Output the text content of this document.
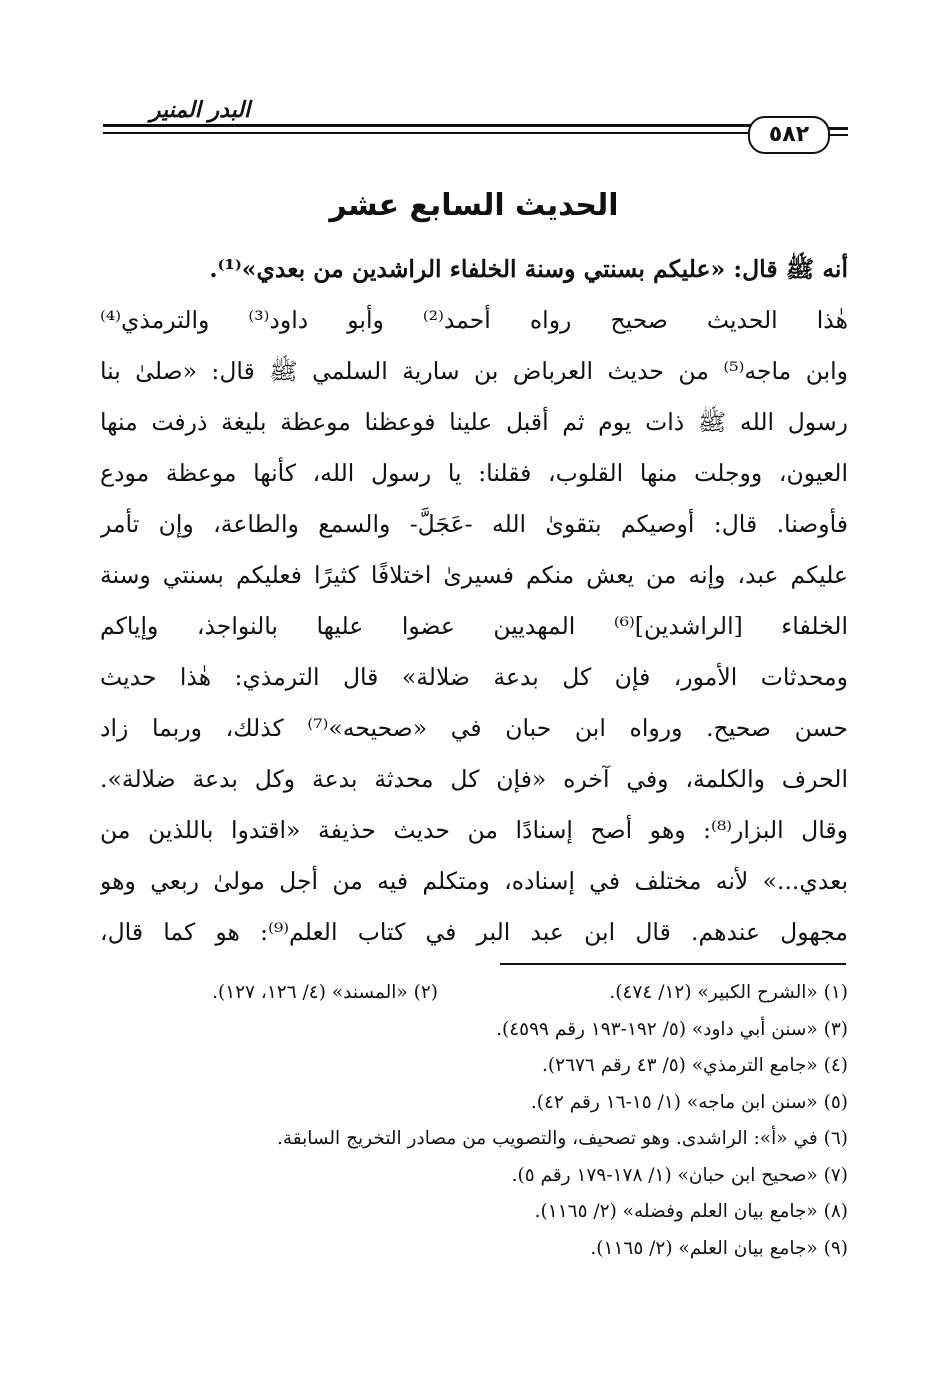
البدر المنير
٥٨٢
الحديث السابع عشر
أنه ﷺ قال: «عليكم بسنتي وسنة الخلفاء الراشدين من بعدي»⁽¹⁾.
هٰذا الحديث صحيح رواه أحمد⁽²⁾ وأبو داود⁽³⁾ والترمذي⁽⁴⁾
وابن ماجه⁽⁵⁾ من حديث العرباض بن سارية السلمي ﷺ قال: «صلىٰ بنا
رسول الله ﷺ ذات يوم ثم أقبل علينا فوعظنا موعظة بليغة ذرفت منها
العيون، ووجلت منها القلوب، فقلنا: يا رسول الله، كأنها موعظة مودع
فأوصنا. قال: أوصيكم بتقوىٰ الله -عَجَلَّ- والسمع والطاعة، وإن تأمر
عليكم عبد، وإنه من يعش منكم فسيرىٰ اختلافًا كثيرًا فعليكم بسنتي وسنة
الخلفاء [الراشدين]⁽⁶⁾ المهديين عضوا عليها بالنواجذ، وإياكم
ومحدثات الأمور، فإن كل بدعة ضلالة» قال الترمذي: هٰذا حديث
حسن صحيح. ورواه ابن حبان في «صحيحه»⁽⁷⁾ كذلك، وربما زاد
الحرف والكلمة، وفي آخره «فإن كل محدثة بدعة وكل بدعة ضلالة».
وقال البزار⁽⁸⁾: وهو أصح إسنادًا من حديث حذيفة «اقتدوا باللذين من
بعدي...» لأنه مختلف في إسناده، ومتكلم فيه من أجل مولىٰ ربعي وهو
مجهول عندهم. قال ابن عبد البر في كتاب العلم⁽⁹⁾: هو كما قال،
(١) «الشرح الكبير» (١٢/ ٤٧٤).
(٢) «المسند» (٤/ ١٢٦، ١٢٧).
(٣) «سنن أبي داود» (٥/ ١٩٢-١٩٣ رقم ٤٥٩٩).
(٤) «جامع الترمذي» (٥/ ٤٣ رقم ٢٦٧٦).
(٥) «سنن ابن ماجه» (١/ ١٥-١٦ رقم ٤٢).
(٦) في «أ»: الراشدى. وهو تصحيف، والتصويب من مصادر التخريج السابقة.
(٧) «صحيح ابن حبان» (١/ ١٧٨-١٧٩ رقم ٥).
(٨) «جامع بيان العلم وفضله» (٢/ ١١٦٥).
(٩) «جامع بيان العلم» (٢/ ١١٦٥).
